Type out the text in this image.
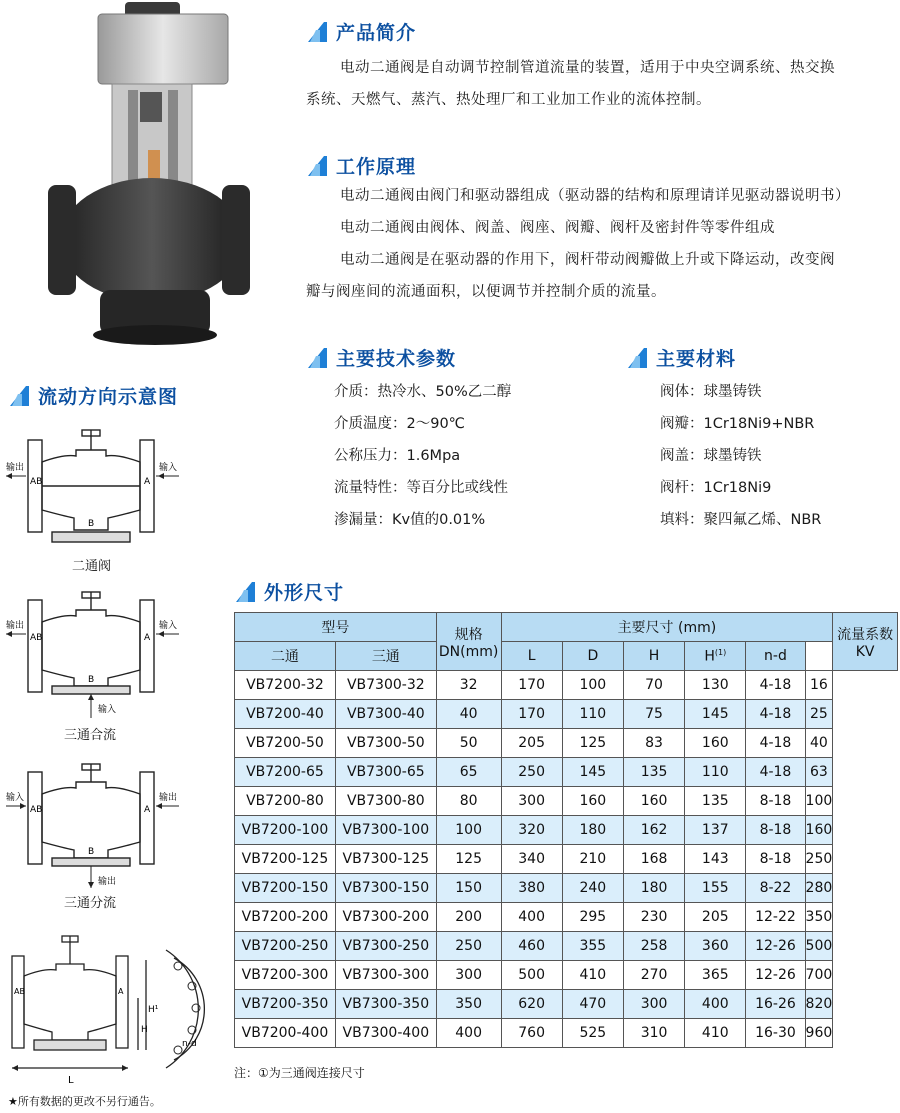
产品简介
电动二通阀是自动调节控制管道流量的装置，适用于中央空调系统、热交换
系统、天燃气、蒸汽、热处理厂和工业加工作业的流体控制。
工作原理
电动二通阀由阀门和驱动器组成（驱动器的结构和原理请详见驱动器说明书）
电动二通阀由阀体、阀盖、阀座、阀瓣、阀杆及密封件等零件组成
电动二通阀是在驱动器的作用下，阀杆带动阀瓣做上升或下降运动，改变阀
瓣与阀座间的流通面积，以便调节并控制介质的流量。
主要技术参数
介质：热冷水、50%乙二醇
介质温度：2～90℃
公称压力：1.6Mpa
流量特性：等百分比或线性
渗漏量：Kv值的0.01%
主要材料
阀体：球墨铸铁
阀瓣：1Cr18Ni9+NBR
阀盖：球墨铸铁
阀杆：1Cr18Ni9
填料：聚四氟乙烯、NBR
流动方向示意图
AB	A
B
输出	输入
二通阀
AB	A
B
输出	输入
输入
三通合流
AB	A
B
输入	输出
输出
三通分流
L
H
H¹
n-d
AB	A
外形尺寸
型号		规格DN(mm)	主要尺寸 (mm)						流量系数KV
二通	三通		L	D	H	$H^{(1)}$	n-d		
VB7200-32	VB7300-32	32	170	100	70	130	4-18	16	
VB7200-40	VB7300-40	40	170	110	75	145	4-18	25	
VB7200-50	VB7300-50	50	205	125	83	160	4-18	40	
VB7200-65	VB7300-65	65	250	145	135	110	4-18	63	
VB7200-80	VB7300-80	80	300	160	160	135	8-18	100	
VB7200-100	VB7300-100	100	320	180	162	137	8-18	160	
VB7200-125	VB7300-125	125	340	210	168	143	8-18	250	
VB7200-150	VB7300-150	150	380	240	180	155	8-22	280	
VB7200-200	VB7300-200	200	400	295	230	205	12-22	350	
VB7200-250	VB7300-250	250	460	355	258	360	12-26	500	
VB7200-300	VB7300-300	300	500	410	270	365	12-26	700	
VB7200-350	VB7300-350	350	620	470	300	400	16-26	820	
VB7200-400	VB7300-400	400	760	525	310	410	16-30	960	
注：①为三通阀连接尺寸
★所有数据的更改不另行通告。
